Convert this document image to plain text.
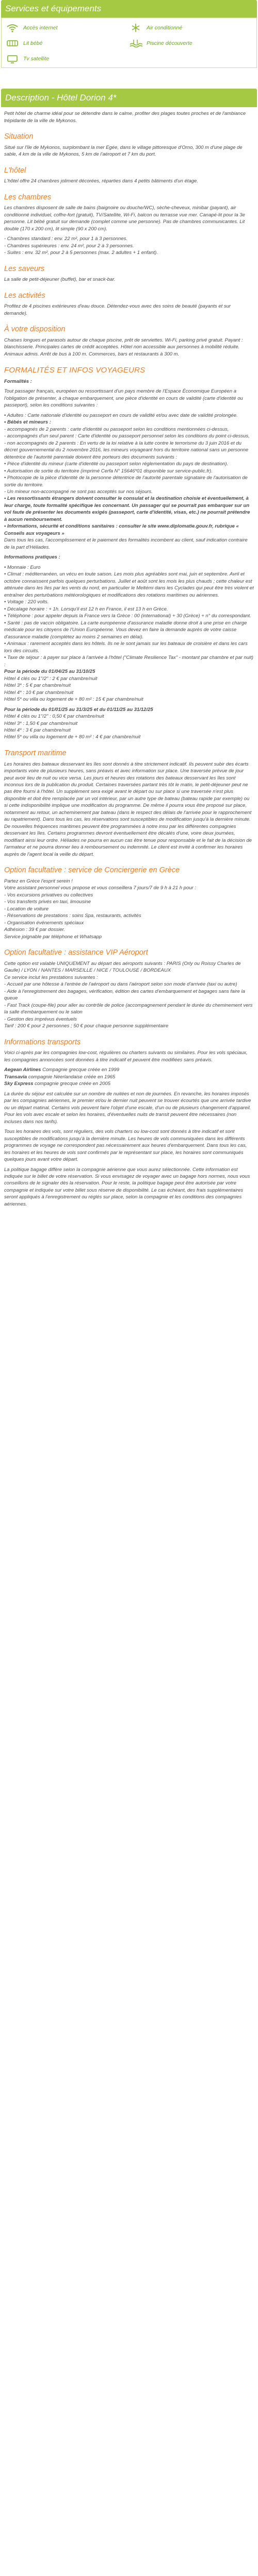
Services et équipements
Accès internet	Air conditionné
Lit bébé	Piscine découverte
Tv satellite
Description - Hôtel Dorion 4*

Petit hôtel de charme idéal pour se détendre dans le calme, profiter des plages toutes proches et de l'ambiance trépidante de la ville de Mykonos.

Situation

Situé sur l'île de Mykonos, surplombant la mer Egée, dans le village pittoresque d'Orno, 300 m d'une plage de sable, 4 km de la ville de Mykonos, 5 km de l'aéroport et 7 km du port.

L'hôtel

L'hôtel offre 24 chambres joliment décorées, réparties dans 4 petits bâtiments d'un étage.

Les chambres

Les chambres disposent de salle de bains (baignoire ou douche/WC), sèche-cheveux, minibar (payant), air conditionné individuel, coffre-fort (gratuit), TV/Satellite, Wi-Fi, balcon ou terrasse vue mer. Canapé-lit pour la 3e personne. Lit bébé gratuit sur demande (complet comme une personne). Pas de chambres communicantes. Lit double (170 x 200 cm), lit simple (90 x 200 cm).

- Chambres standard : env. 22 m², pour 1 à 3 personnes.

- Chambres supérieures : env. 24 m², pour 2 à 3 personnes.

- Suites : env. 32 m², pour 2 à 5 personnes (max. 2 adultes + 1 enfant).

Les saveurs

La salle de petit-déjeuner (buffet), bar et snack-bar.

Les activités

Profitez de 4 piscines extérieures d'eau douce. Détendez-vous avec des soins de beauté (payants et sur demande).

À votre disposition

Chaises longues et parasols autour de chaque piscine, prêt de serviettes. Wi-Fi, parking privé gratuit. Payant : blanchisserie. Principales cartes de crédit acceptées. Hôtel non accessible aux personnes à mobilité réduite. Animaux admis. Arrêt de bus à 100 m. Commerces, bars et restaurants à 300 m.

FORMALITÉS ET INFOS VOYAGEURS

Formalités :

Tout passager français, européen ou ressortissant d'un pays membre de l'Espace Économique Européen a l'obligation de présenter, à chaque embarquement, une pièce d'identité en cours de validité (carte d'identité ou passeport), selon les conditions suivantes :

• Adultes : Carte nationale d'identité ou passeport en cours de validité et/ou avec date de validité prolongée.

• Bébés et mineurs :

- accompagnés de 2 parents : carte d'identité ou passeport selon les conditions mentionnées ci-dessus,

- accompagnés d'un seul parent : Carte d'identité ou passeport personnel selon les conditions du point ci-dessus,

- non accompagnés de 2 parents : En vertu de la loi relative à la lutte contre le terrorisme du 3 juin 2016 et du décret gouvernemental du 2 novembre 2016, les mineurs voyageant hors du territoire national sans un personne détentrice de l'autorité parentale doivent être porteurs des documents suivants :

• Pièce d'identité du mineur (carte d'identité ou passeport selon réglementation du pays de destination).

• Autorisation de sortie du territoire (imprimé Cerfa N° 15646*01 disponible sur service-public.fr).

• Photocopie de la pièce d'identité de la personne détentrice de l'autorité parentale signataire de l'autorisation de sortie du territoire.

- Un mineur non-accompagné ne sont pas acceptés sur nos séjours.

• Les ressortissants étrangers doivent consulter le consulat et la destination choisie et éventuellement, à leur charge, toute formalité spécifique les concernant. Un passager qui se pourrait pas embarquer sur un vol faute de présenter les documents exigés (passeport, carte d'identité, visas, etc.) ne pourrait prétendre à aucun remboursement.

• Informations, sécurité et conditions sanitaires : consulter le site www.diplomatie.gouv.fr, rubrique « Conseils aux voyageurs »

Dans tous les cas, l'accomplissement et le paiement des formalités incombent au client, sauf indication contraire de la part d'Héliades.

Informations pratiques :

• Monnaie : Euro

• Climat : méditerranéen, un vécu en toute saison. Les mois plus agréables sont mai, juin et septembre. Avril et octobre connaissent parfois quelques perturbations. Juillet et août sont les mois les plus chauds ; cette chaleur est atténuée dans les îles par les vents du nord, en particulier le Meltémi dans les Cyclades qui peut être très violent et entraîner des perturbations météorologiques et modifications des rotations maritimes ou aériennes.

• Voltage : 220 volts.

• Décalage horaire : + 1h. Lorsqu'il est 12 h en France, il est 13 h en Grèce.

• Téléphone : pour appeler depuis la France vers la Grèce : 00 (international) + 30 (Grèce) + n° du correspondant.

• Santé : pas de vaccin obligatoire. La carte européenne d'assurance maladie donne droit à une prise en charge médicale pour les citoyens de l'Union Européenne. Vous devez en faire la demande auprès de votre caisse d'assurance maladie (complétez au moins 2 semaines en délai).

• Animaux : rarement acceptés dans les hôtels. Ils ne le sont jamais sur les bateaux de croisière et dans les cars lors des circuits.

• Taxe de séjour : à payer sur place à l'arrivée à l'hôtel ("Climate Resilience Tax" - montant par chambre et par nuit) :

Pour la période du 01/04/25 au 31/10/25

Hôtel 4 clés ou 1"/2" : 2 € par chambre/nuit

Hôtel 3* : 5 € par chambre/nuit

Hôtel 4* : 10 € par chambre/nuit

Hôtel 5* ou villa ou logement de + 80 m² : 15 € par chambre/nuit

Pour la période du 01/01/25 au 31/3/25 et du 01/11/25 au 31/12/25

Hôtel 4 clés ou 1"/2" : 0,50 € par chambre/nuit

Hôtel 3* : 1,50 € par chambre/nuit

Hôtel 4* : 3 € par chambre/nuit

Hôtel 5* ou villa ou logement de + 80 m² : 4 € par chambre/nuit

Transport maritime

Les horaires des bateaux desservant les îles sont donnés à titre strictement indicatif. Ils peuvent subir des écarts importants voire de plusieurs heures, sans préavis et avec information sur place. Une traversée prévue de jour peut avoir lieu de nuit ou vice versa. Les jours et heures des rotations des bateaux desservant les îles sont inconnus lors de la publication du produit. Certaines traversées partant très tôt le matin, le petit-déjeuner peut ne pas être fourni à l'hôtel. Un supplément sera exigé avant le départ ou sur place si une traversée n'est plus disponible et doit être remplacée par un vol intérieur, par un autre type de bateau (bateau rapide par exemple) ou si cette indisponibilité implique une modification du programme. De même il pourra vous être proposé sur place, notamment au retour, un acheminement par bateau (dans le respect des délais de l'arrivée pour le rapprochement au rapatriement). Dans tous les cas, les réservations sont susceptibles de modification jusqu'à la dernière minute. De nouvelles fréquences maritimes peuvent être programmées à notre insu par les différentes compagnies desservant les îles. Certains programmes devront éventuellement être décalés d'une, voire deux journées, modifiant ainsi leur ordre. Héliades ne pourra en aucun cas être tenue pour responsable et le fait de la décision de l'armateur et ne pourra donner lieu à remboursement ou indemnité. Le client est invité à confirmer les horaires auprès de l'agent local la veille du départ.

Option facultative : service de Conciergerie en Grèce

Partez en Grèce l'esprit serein !

Votre assistant personnel vous propose et vous conseillera 7 jours/7 de 9 h à 21 h pour :

- Vos excursions privatives ou collectives

- Vos transferts privés en taxi, limousine

- Location de voiture

- Réservations de prestations : soins Spa, restaurants, activités

- Organisation événements spéciaux

Adhésion : 39 € par dossier.

Service joignable par téléphone et Whatsapp

Option facultative : assistance VIP Aéroport

Cette option est valable UNIQUEMENT au départ des aéroports suivants : PARIS (Orly ou Roissy Charles de Gaulle) / LYON / NANTES / MARSEILLE / NICE / TOULOUSE / BORDEAUX

Ce service inclut les prestations suivantes :

- Accueil par une hôtesse à l'entrée de l'aéroport ou dans l'aéroport selon son mode d'arrivée (taxi ou autre)

- Aide à l'enregistrement des bagages, vérification, édition des cartes d'embarquement et bagages sans faire la queue

- Fast Track (coupe-file) pour aller au contrôle de police (accompagnement pendant le durée du cheminement vers la salle d'embarquement ou le salon

- Gestion des imprévus éventuels

Tarif : 200 € pour 2 personnes ; 50 € pour chaque personne supplémentaire

Informations transports

Voici ci-après par les compagnies low-cost, régulières ou charters suivants ou similaires. Pour les vols spéciaux, les compagnies annoncées sont données à titre indicatif et peuvent être modifiées sans préavis.

Aegean Airlines Compagnie grecque créée en 1999

Transavia compagnie Néerlandaise créée en 1965

Sky Express compagnie grecque créée en 2005

La durée du séjour est calculée sur un nombre de nuitées et non de journées. En revanche, les horaires imposés par les compagnies aériennes, le premier et/ou le dernier nuit peuvent se trouver écourtés que une arrivée tardive ou un départ matinal. Certains vols peuvent faire l'objet d'une escale, d'un ou de plusieurs changement d'appareil. Pour les vols avec escale et selon les horaires, d'éventuelles nuits de transit peuvent être nécessaires (non incluses dans nos tarifs).

Tous les horaires des vols, sont réguliers, des vols charters ou low-cost sont donnés à titre indicatif et sont susceptibles de modifications jusqu'à la dernière minute. Les heures de vols communiquées dans les différents programmes de voyage ne correspondent pas nécessairement aux heures d'embarquement. Dans tous les cas, les horaires et les heures de vols sont confirmés par le représentant sur place, les horaires sont communiqués quelques jours avant votre départ.

La politique bagage diffère selon la compagnie aérienne que vous aurez sélectionnée. Cette information est indiquée sur le billet de votre réservation. Si vous envisagez de voyager avec un bagage hors normes, nous vous conseillons de le signaler dès la réservation. Pour le reste, la politique bagage peut être autorisée par votre compagnie et indiquée sur votre billet sous réserve de disponibilité. Le cas échéant, des frais supplémentaires seront appliqués à l'enregistrement ou réglés sur place, selon la compagnie et les conditions des compagnies aériennes.
